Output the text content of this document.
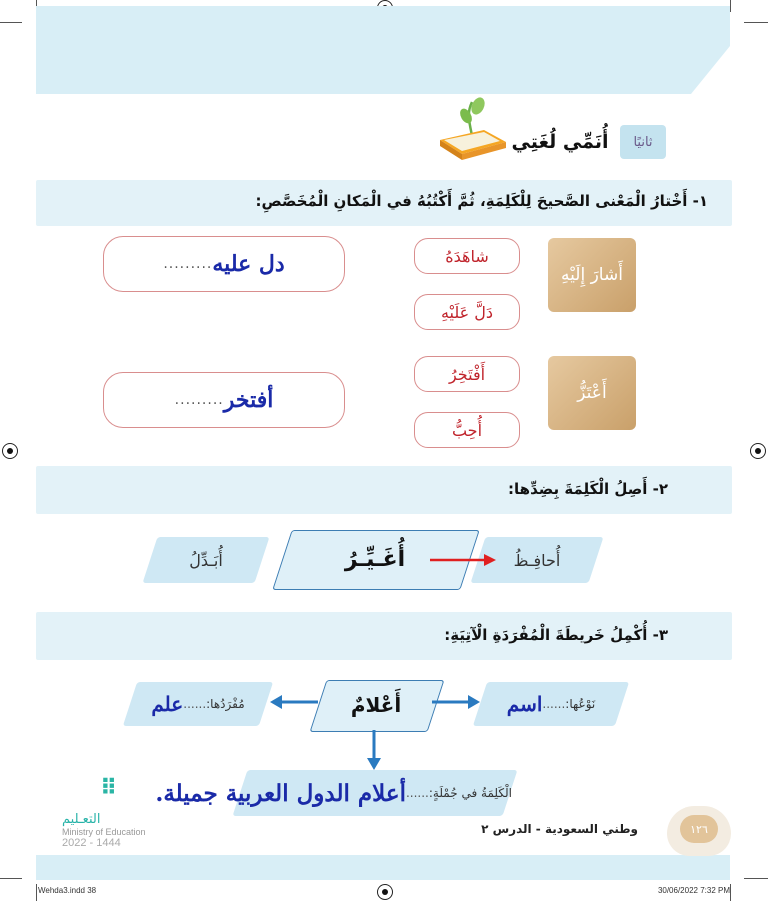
ثانيًا
أُنَمِّي لُغَتِي
١- أَخْتارُ الْمَعْنى الصَّحيحَ لِلْكَلِمَةِ، ثُمَّ أَكْتُبُهُ في الْمَكانِ الْمُخَصَّصِ:
أَشارَ إِلَيْهِ
شاهَدَهُ
دَلَّ عَلَيْهِ
دل عليه
.........
أَعْتَزُّ
أَفْتَخِرُ
أُحِبُّ
أفتخر
.........
٢- أَصِلُ الْكَلِمَةَ بِضِدِّها:
أُبَـدِّلُ	أُغَـيِّـرُ	أُحافِـظُ
٣- أُكْمِلُ خَريطَةَ الْمُفْرَدَةِ الْآتِيَةِ:
مُفْرَدُها:
......
علم	أَعْلامٌ	نَوْعُها:
......
اسم
الْكَلِمَةُ في جُمْلَةٍ:
......
أعلام الدول العربية جميلة.
⠿
التعـليم
Ministry of Education
2022 - 1444
وطني السعودية - الدرس ٢	١٢٦
Wehda3.indd 38	30/06/2022 7:32 PM
